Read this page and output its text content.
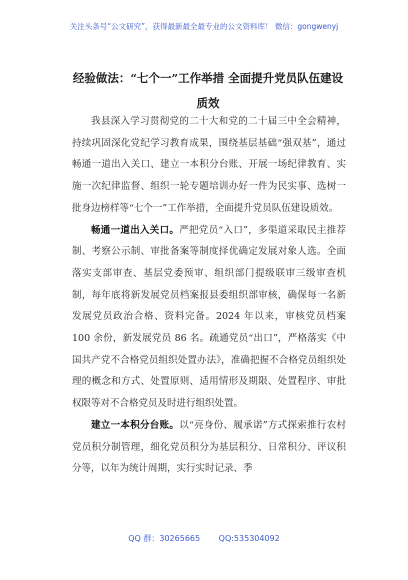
关注头条号“公文研究”，获得最新最全最专业的公文资料库！ 微信：gongwenyj
经验做法：“七个一”工作举措 全面提升党员队伍建设质效

我县深入学习贯彻党的二十大和党的二十届三中全会精神，持续巩固深化党纪学习教育成果，围绕基层基础“强双基”，通过畅通一道出入关口、建立一本积分台账、开展一场纪律教育、实施一次纪律监督、组织一轮专题培训办好一件为民实事、选树一批身边榜样等“七个一”工作举措，全面提升党员队伍建设质效。

畅通一道出入关口。严把党员“入口”，多渠道采取民主推荐制、考察公示制、审批备案等制度择优确定发展对象人选。全面落实支部审查、基层党委预审、组织部门提级联审三级审查机制，每年底将新发展党员档案报县委组织部审核，确保每一名新发展党员政治合格、资料完备。2024 年以来，审核党员档案 100 余份，新发展党员 86 名。疏通党员“出口”，严格落实《中国共产党不合格党员组织处置办法》，准确把握不合格党员组织处理的概念和方式、处置原则、适用情形及期限、处置程序、审批权限等对不合格党员及时进行组织处置。

建立一本积分台账。以“亮身份、履承诺”方式探索推行农村党员积分制管理，细化党员积分为基层积分、日常积分、评议积分等，以年为统计周期，实行实时记录、季

QQ 群：30265665 QQ:535304092
